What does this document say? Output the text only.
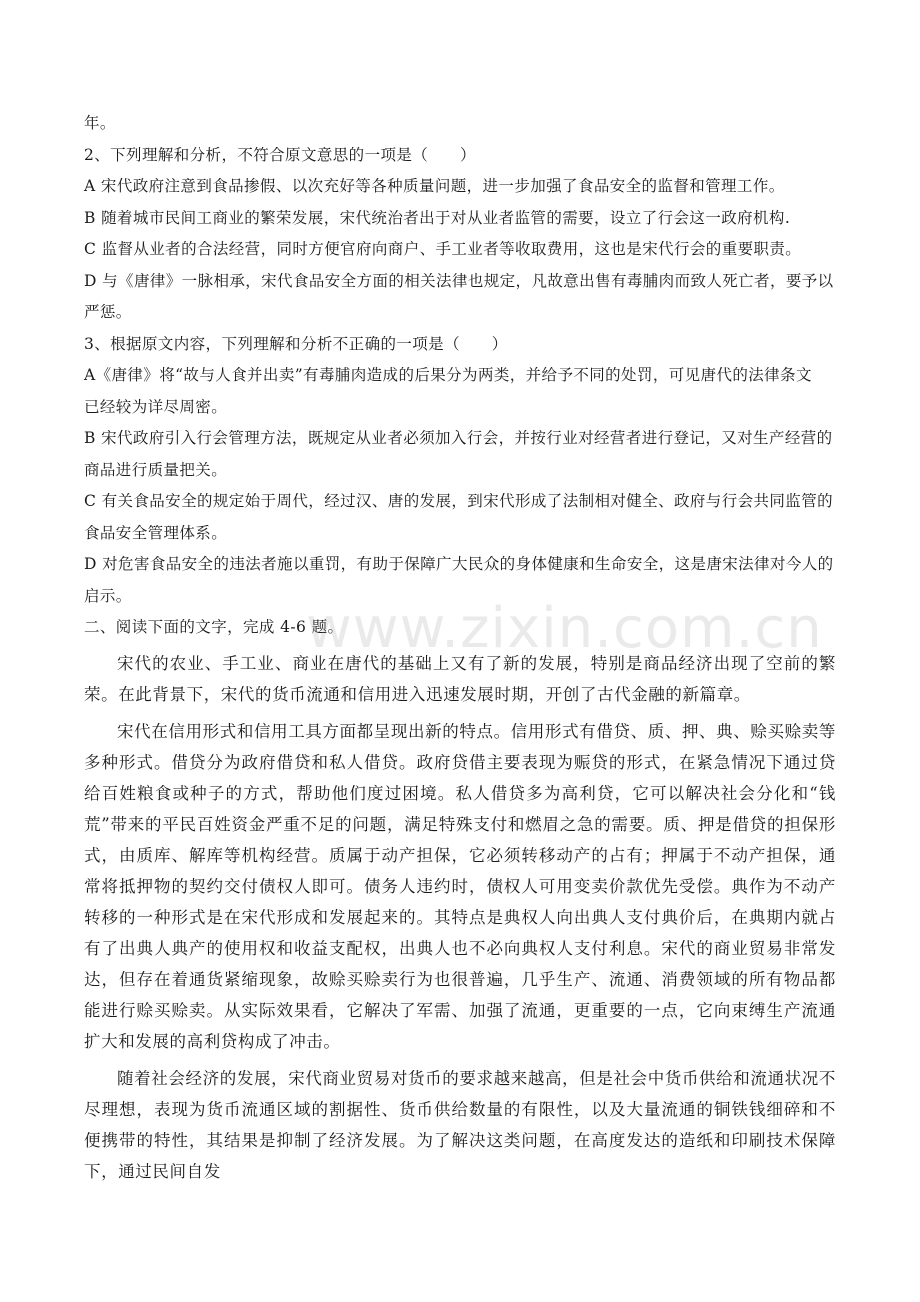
年。

2、下列理解和分析，不符合原文意思的一项是（　　）

A 宋代政府注意到食品掺假、以次充好等各种质量问题，进一步加强了食品安全的监督和管理工作。

B 随着城市民间工商业的繁荣发展，宋代统治者出于对从业者监管的需要，设立了行会这一政府机构.

C 监督从业者的合法经营，同时方便官府向商户、手工业者等收取费用，这也是宋代行会的重要职责。

D 与《唐律》一脉相承，宋代食品安全方面的相关法律也规定，凡故意出售有毒脯肉而致人死亡者，要予以

严惩。

3、根据原文内容，下列理解和分析不正确的一项是（　　）

A《唐律》将“故与人食并出卖”有毒脯肉造成的后果分为两类，并给予不同的处罚，可见唐代的法律条文

已经较为详尽周密。

B 宋代政府引入行会管理方法，既规定从业者必须加入行会，并按行业对经营者进行登记，又对生产经营的

商品进行质量把关。

C 有关食品安全的规定始于周代，经过汉、唐的发展，到宋代形成了法制相对健全、政府与行会共同监管的

食品安全管理体系。

D 对危害食品安全的违法者施以重罚，有助于保障广大民众的身体健康和生命安全，这是唐宋法律对今人的

启示。

二、阅读下面的文字，完成 4-6 题。

宋代的农业、手工业、商业在唐代的基础上又有了新的发展，特别是商品经济出现了空前的繁荣。在此背景下，宋代的货币流通和信用进入迅速发展时期，开创了古代金融的新篇章。

宋代在信用形式和信用工具方面都呈现出新的特点。信用形式有借贷、质、押、典、赊买赊卖等多种形式。借贷分为政府借贷和私人借贷。政府贷借主要表现为赈贷的形式，在紧急情况下通过贷给百姓粮食或种子的方式，帮助他们度过困境。私人借贷多为高利贷，它可以解决社会分化和“钱荒”带来的平民百姓资金严重不足的问题，满足特殊支付和燃眉之急的需要。质、押是借贷的担保形式，由质库、解库等机构经营。质属于动产担保，它必须转移动产的占有；押属于不动产担保，通常将抵押物的契约交付债权人即可。债务人违约时，债权人可用变卖价款优先受偿。典作为不动产转移的一种形式是在宋代形成和发展起来的。其特点是典权人向出典人支付典价后，在典期内就占有了出典人典产的使用权和收益支配权，出典人也不必向典权人支付利息。宋代的商业贸易非常发达，但存在着通货紧缩现象，故赊买赊卖行为也很普遍，几乎生产、流通、消费领域的所有物品都能进行赊买赊卖。从实际效果看，它解决了军需、加强了流通，更重要的一点，它向束缚生产流通扩大和发展的高利贷构成了冲击。

随着社会经济的发展，宋代商业贸易对货币的要求越来越高，但是社会中货币供给和流通状况不尽理想，表现为货币流通区域的割据性、货币供给数量的有限性，以及大量流通的铜铁钱细碎和不便携带的特性，其结果是抑制了经济发展。为了解决这类问题，在高度发达的造纸和印刷技术保障下，通过民间自发

www.zixin.com.cn
